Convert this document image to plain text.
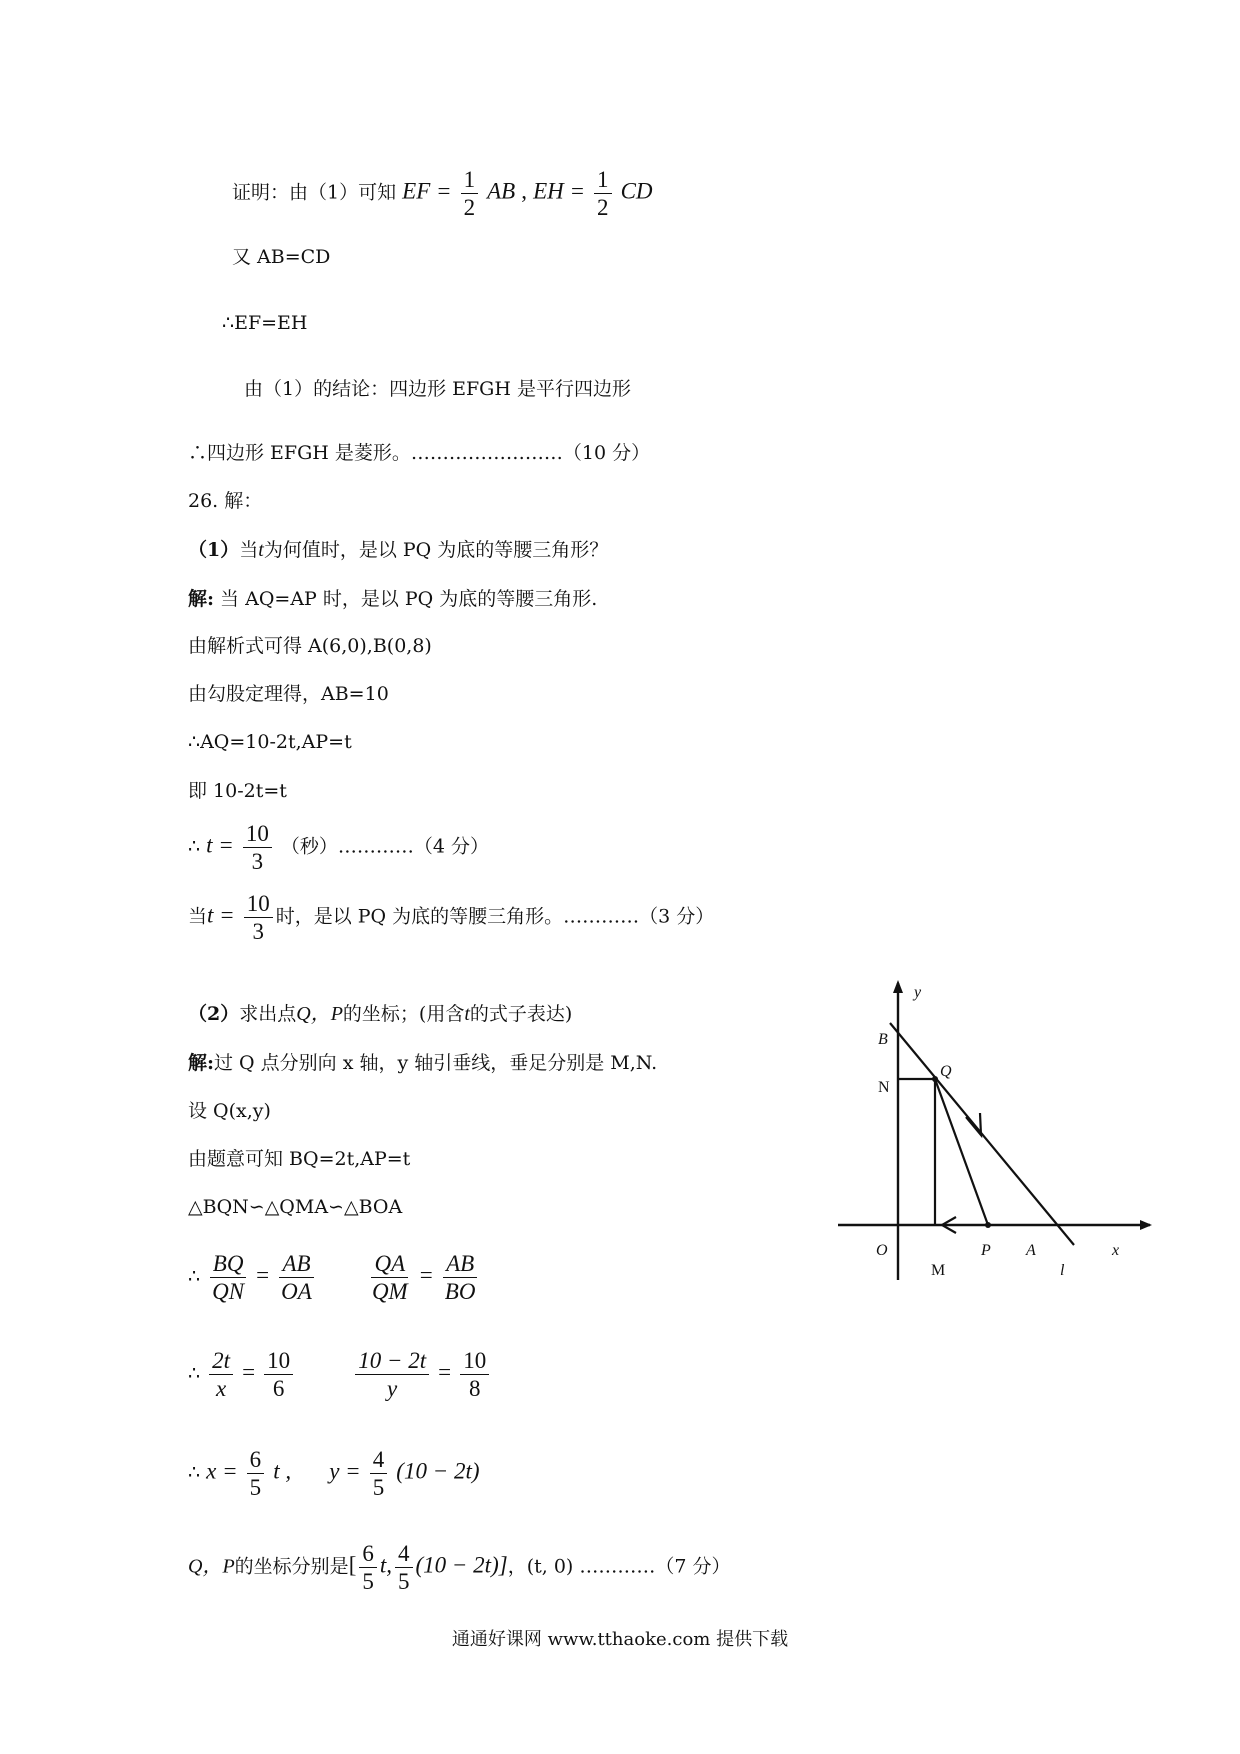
证明：由（1）可知 EF = $\frac{1}{2}$ AB , EH = $\frac{1}{2}$ CD
又 AB=CD
∴EF=EH
由（1）的结论：四边形 EFGH 是平行四边形
∴四边形 EFGH 是菱形。……………………（10 分）
26. 解：
（1）当t为何值时，是以 PQ 为底的等腰三角形？
解: 当 AQ=AP 时，是以 PQ 为底的等腰三角形.
由解析式可得 A(6,0),B(0,8)
由勾股定理得，AB=10
∴AQ=10-2t,AP=t
即 10-2t=t
∴ $t = \frac{10}{3}$ （秒）…………（4 分）
当$t = \frac{10}{3}$ 时，是以 PQ 为底的等腰三角形。…………（3 分）
（2）求出点Q，P的坐标；(用含t的式子表达)
解:过 Q 点分别向 x 轴，y 轴引垂线，垂足分别是 M,N.
设 Q(x,y)
由题意可知 BQ=2t,AP=t
△BQN∽△QMA∽△BOA
∴ $\frac{BQ}{QN} = \frac{AB}{OA}$
$\frac{QA}{QM} = \frac{AB}{BO}$
∴ $\frac{2t}{x} = \frac{10}{6}$
	$\frac{10 - 2t}{y} = \frac{10}{8}$
∴ $x = \frac{6}{5}$ t , $y = \frac{4}{5} (10 - 2t)$
Q，P的坐标分别是[ $\frac{6}{5} t$, $\frac{4}{5} (10 - 2t)$]，(t, 0) …………（7 分）
y
x
O
B
Q
N
P A
M	l
通通好课网 www.tthaoke.com 提供下载
